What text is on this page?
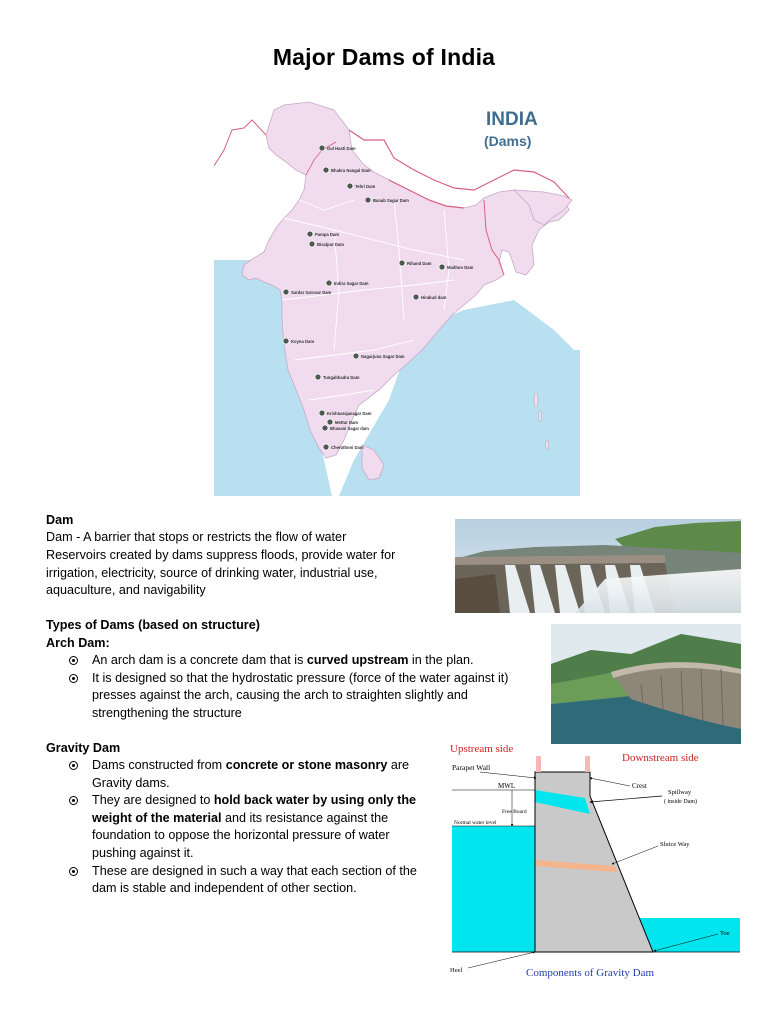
Major Dams of India
INDIA
(Dams)
Gul Hasti Dam
Bhakra Nangal Dam
Tehri Dam
Banab Sagar Dam
Pampa Dam
Bisalpur Dam
Rihand Dam
Maithon Dam
Indira Sagar Dam
Sardar Sarovar Dam
Hirakud dam
Koyna Dam
Nagarjuna Sagar Dam
Tungabhadra Dam
Krishnarajasagar Dam
Mettur Dam
Bhavani Sagar dam
Cheruthoni Dam
Dam
Dam - A barrier that stops or restricts the flow of water
Reservoirs created by dams suppress floods, provide water for irrigation, electricity, source of drinking water, industrial use, aquaculture, and navigability
Types of Dams (based on structure)
Arch Dam:
An arch dam is a concrete dam that is curved upstream in the plan.
It is designed so that the hydrostatic pressure (force of the water against it) presses against the arch, causing the arch to straighten slightly and strengthening the structure
Gravity Dam
Dams constructed from concrete or stone masonry are Gravity dams.
They are designed to hold back water by using only the weight of the material and its resistance against the foundation to oppose the horizontal pressure of water pushing against it.
These are designed in such a way that each section of the dam is stable and independent of other section.
Upstream side
Downstream side
Parapet Wall
Crest
MWL
Spillway
( inside Dam)
Free Board
Normal water level
Sluice Way
Toe
Heel	Components of Gravity Dam
